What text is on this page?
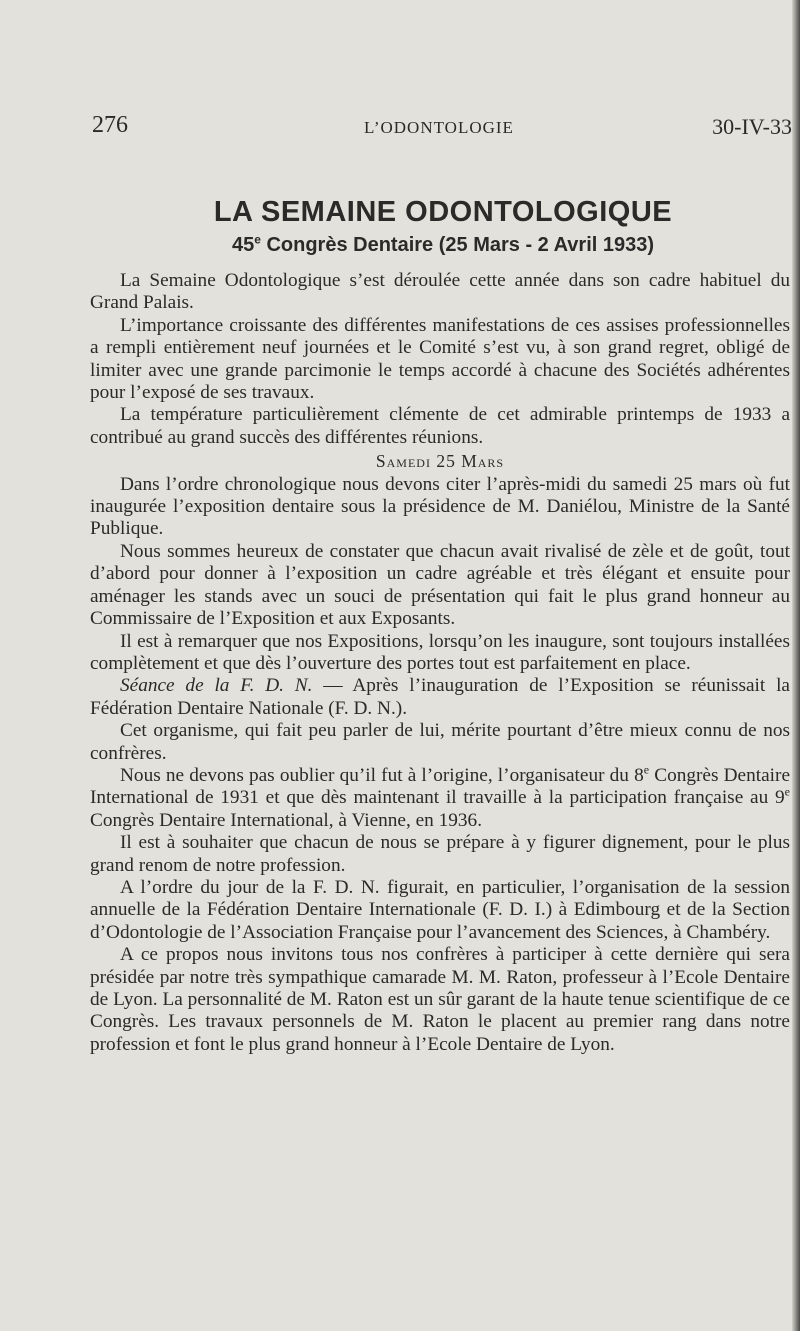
276	L’ODONTOLOGIE	30-IV-33
LA SEMAINE ODONTOLOGIQUE
45e Congrès Dentaire (25 Mars - 2 Avril 1933)

La Semaine Odontologique s’est déroulée cette année dans son cadre habituel du Grand Palais.

L’importance croissante des différentes manifestations de ces assises professionnelles a rempli entièrement neuf journées et le Comité s’est vu, à son grand regret, obligé de limiter avec une grande parcimonie le temps accordé à chacune des Sociétés adhérentes pour l’exposé de ses travaux.

La température particulièrement clémente de cet admirable printemps de 1933 a contribué au grand succès des différentes réunions.

Samedi 25 Mars

Dans l’ordre chronologique nous devons citer l’après-midi du samedi 25 mars où fut inaugurée l’exposition dentaire sous la présidence de M. Daniélou, Ministre de la Santé Publique.

Nous sommes heureux de constater que chacun avait rivalisé de zèle et de goût, tout d’abord pour donner à l’exposition un cadre agréable et très élégant et ensuite pour aménager les stands avec un souci de présentation qui fait le plus grand honneur au Commissaire de l’Exposition et aux Exposants.

Il est à remarquer que nos Expositions, lorsqu’on les inaugure, sont toujours installées complètement et que dès l’ouverture des portes tout est parfaitement en place.

Séance de la F. D. N. — Après l’inauguration de l’Exposition se réunissait la Fédération Dentaire Nationale (F. D. N.).

Cet organisme, qui fait peu parler de lui, mérite pourtant d’être mieux connu de nos confrères.

Nous ne devons pas oublier qu’il fut à l’origine, l’organisateur du 8e Congrès Dentaire International de 1931 et que dès maintenant il travaille à la participation française au 9e Congrès Dentaire International, à Vienne, en 1936.

Il est à souhaiter que chacun de nous se prépare à y figurer dignement, pour le plus grand renom de notre profession.

A l’ordre du jour de la F. D. N. figurait, en particulier, l’organisation de la session annuelle de la Fédération Dentaire Internationale (F. D. I.) à Edimbourg et de la Section d’Odontologie de l’Association Française pour l’avancement des Sciences, à Chambéry.

A ce propos nous invitons tous nos confrères à participer à cette dernière qui sera présidée par notre très sympathique camarade M. M. Raton, professeur à l’Ecole Dentaire de Lyon. La personnalité de M. Raton est un sûr garant de la haute tenue scientifique de ce Congrès. Les travaux personnels de M. Raton le placent au premier rang dans notre profession et font le plus grand honneur à l’Ecole Dentaire de Lyon.
